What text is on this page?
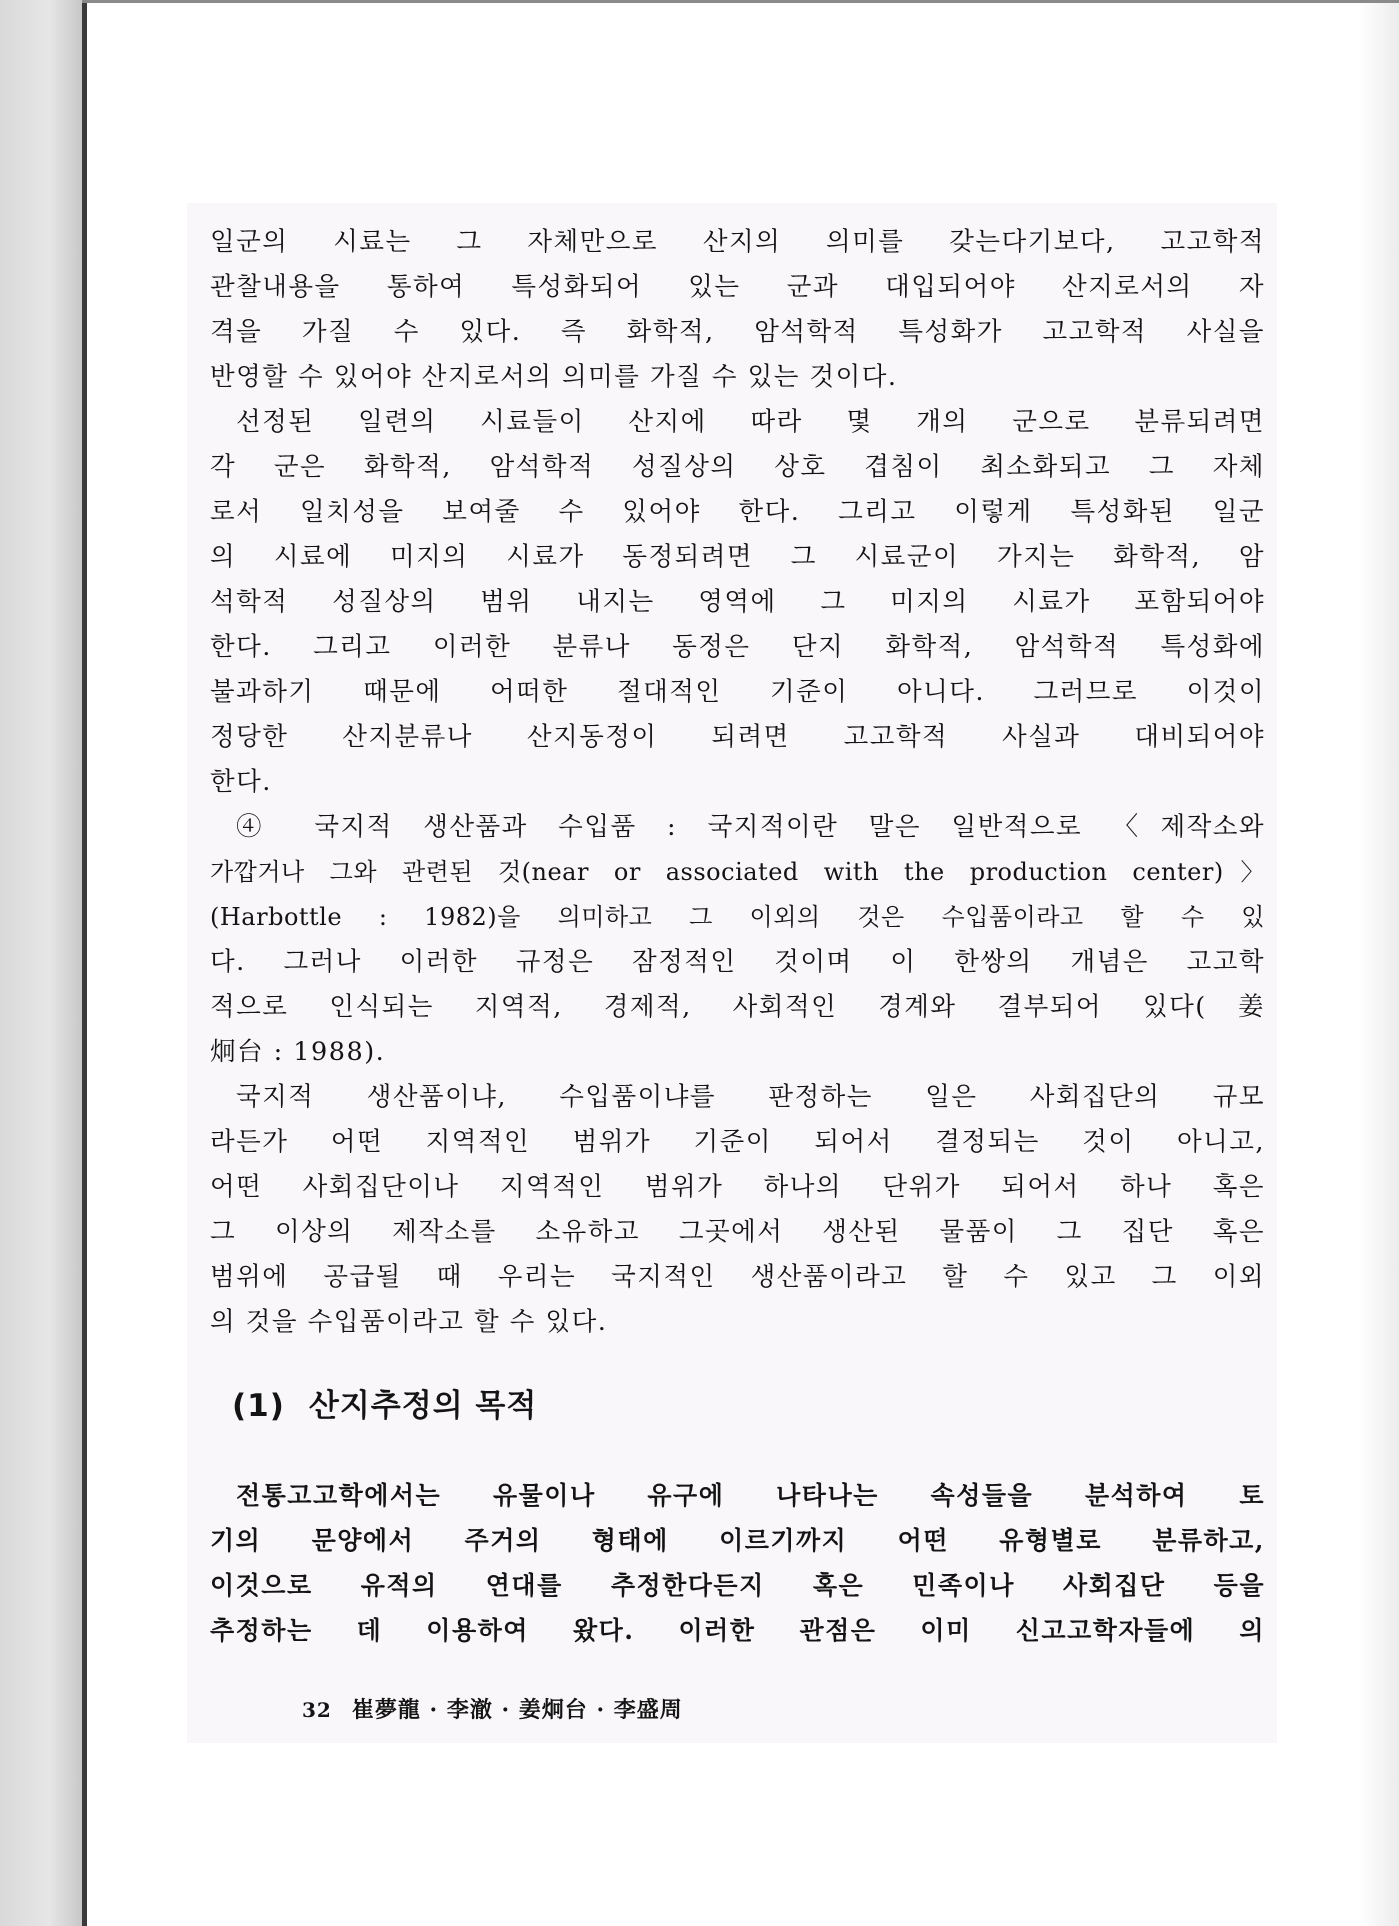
일군의 시료는 그 자체만으로 산지의 의미를 갖는다기보다, 고고학적
관찰내용을 통하여 특성화되어 있는 군과 대입되어야 산지로서의 자
격을 가질 수 있다. 즉 화학적, 암석학적 특성화가 고고학적 사실을
반영할 수 있어야 산지로서의 의미를 가질 수 있는 것이다.
선정된 일련의 시료들이 산지에 따라 몇 개의 군으로 분류되려면
각 군은 화학적, 암석학적 성질상의 상호 겹침이 최소화되고 그 자체
로서 일치성을 보여줄 수 있어야 한다. 그리고 이렇게 특성화된 일군
의 시료에 미지의 시료가 동정되려면 그 시료군이 가지는 화학적, 암
석학적 성질상의 범위 내지는 영역에 그 미지의 시료가 포함되어야
한다. 그리고 이러한 분류나 동정은 단지 화학적, 암석학적 특성화에
불과하기 때문에 어떠한 절대적인 기준이 아니다. 그러므로 이것이
정당한 산지분류나 산지동정이 되려면 고고학적 사실과 대비되어야
한다.
④ 국지적 생산품과 수입품 : 국지적이란 말은 일반적으로 〈제작소와
가깝거나 그와 관련된 것(near or associated with the production center)〉
(Harbottle : 1982)을 의미하고 그 이외의 것은 수입품이라고 할 수 있
다. 그러나 이러한 규정은 잠정적인 것이며 이 한쌍의 개념은 고고학
적으로 인식되는 지역적, 경제적, 사회적인 경계와 결부되어 있다(姜
炯台 : 1988).
국지적 생산품이냐, 수입품이냐를 판정하는 일은 사회집단의 규모
라든가 어떤 지역적인 범위가 기준이 되어서 결정되는 것이 아니고,
어떤 사회집단이나 지역적인 범위가 하나의 단위가 되어서 하나 혹은
그 이상의 제작소를 소유하고 그곳에서 생산된 물품이 그 집단 혹은
범위에 공급될 때 우리는 국지적인 생산품이라고 할 수 있고 그 이외
의 것을 수입품이라고 할 수 있다.
(1) 산지추정의 목적
전통고고학에서는 유물이나 유구에 나타나는 속성들을 분석하여 토
기의 문양에서 주거의 형태에 이르기까지 어떤 유형별로 분류하고,
이것으로 유적의 연대를 추정한다든지 혹은 민족이나 사회집단 등을
추정하는 데 이용하여 왔다. 이러한 관점은 이미 신고고학자들에 의
32 崔夢龍 · 李澈 · 姜炯台 · 李盛周
